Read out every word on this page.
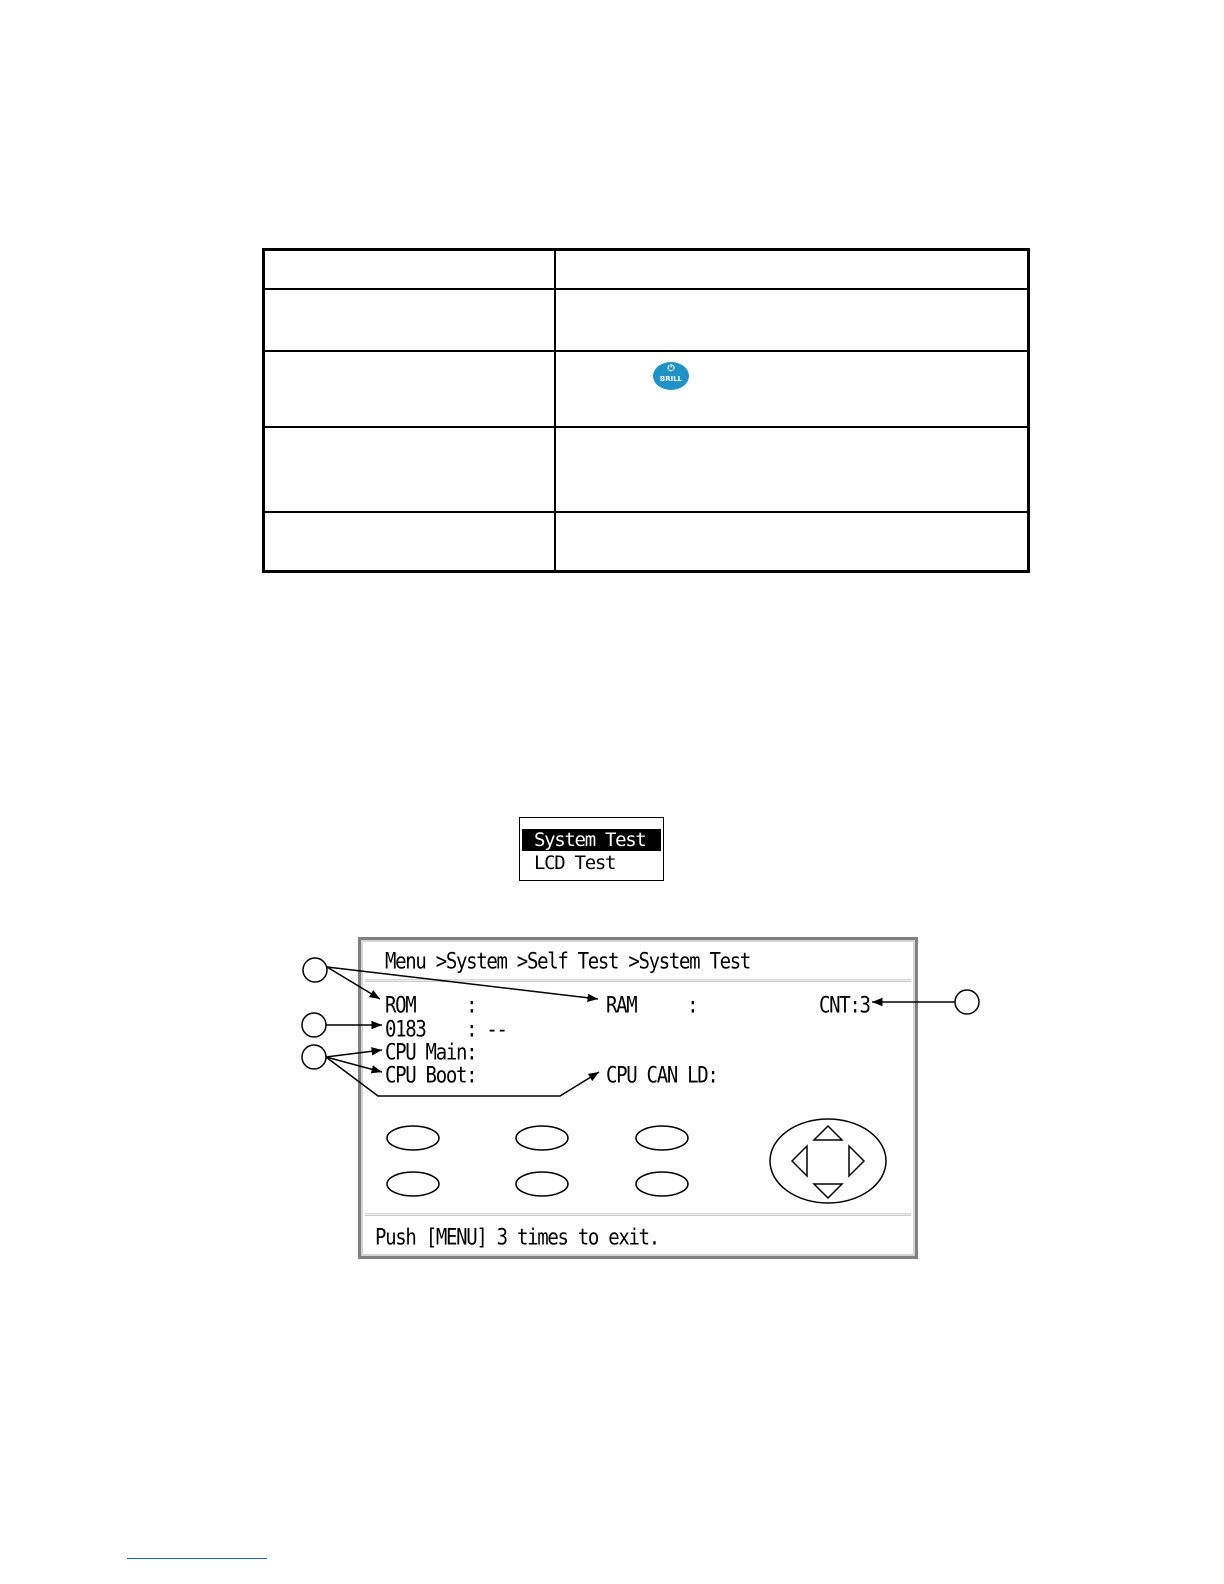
⏻
BRILL
System Test
LCD Test
Menu >System >Self Test >System Test
ROM     :	RAM     :	CNT:3
0183    : --
CPU Main:
CPU Boot:	CPU CAN LD:
Push [MENU] 3 times to exit.
